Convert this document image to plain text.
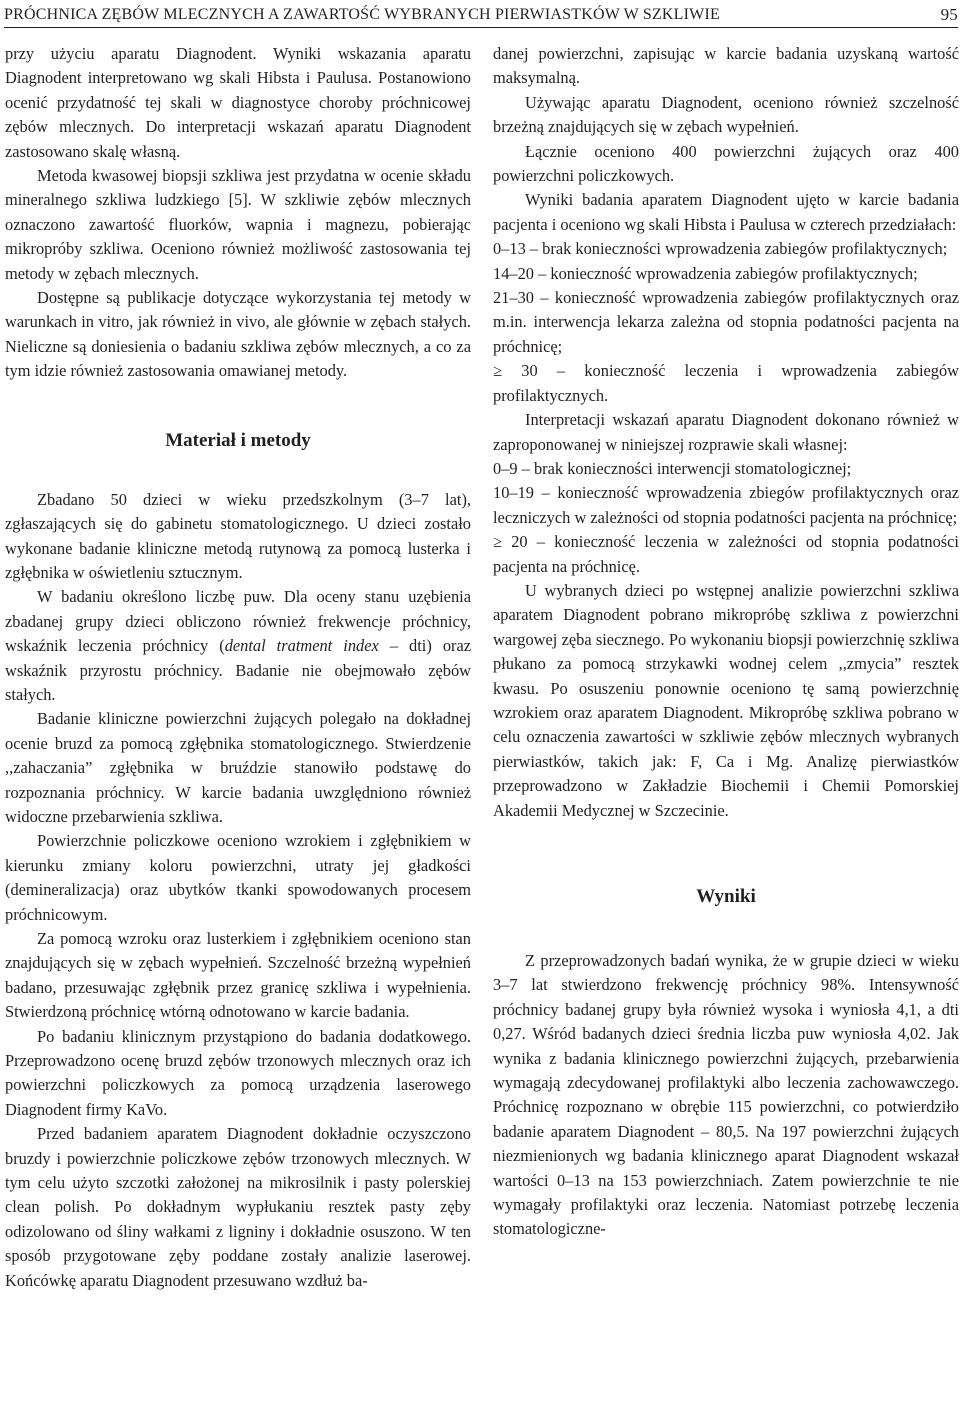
PRÓCHNICA ZĘBÓW MLECZNYCH A ZAWARTOŚĆ WYBRANYCH PIERWIASTKÓW W SZKLIWIE	95

przy użyciu aparatu Diagnodent. Wyniki wskazania aparatu Diagnodent interpretowano wg skali Hibsta i Paulusa. Postanowiono ocenić przydatność tej skali w diagnostyce choroby próchnicowej zębów mlecznych. Do interpretacji wskazań aparatu Diagnodent zastosowano skalę własną.

Metoda kwasowej biopsji szkliwa jest przydatna w ocenie składu mineralnego szkliwa ludzkiego [5]. W szkliwie zębów mlecznych oznaczono zawartość fluorków, wapnia i magnezu, pobierając mikropróby szkliwa. Oceniono również możliwość zastosowania tej metody w zębach mlecznych.

Dostępne są publikacje dotyczące wykorzystania tej metody w warunkach in vitro, jak również in vivo, ale głównie w zębach stałych. Nieliczne są doniesienia o badaniu szkliwa zębów mlecznych, a co za tym idzie również zastosowania omawianej metody.

Materiał i metody

Zbadano 50 dzieci w wieku przedszkolnym (3–7 lat), zgłaszających się do gabinetu stomatologicznego. U dzieci zostało wykonane badanie kliniczne metodą rutynową za pomocą lusterka i zgłębnika w oświetleniu sztucznym.

W badaniu określono liczbę puw. Dla oceny stanu uzębienia zbadanej grupy dzieci obliczono również frekwencje próchnicy, wskaźnik leczenia próchnicy (dental tratment index – dti) oraz wskaźnik przyrostu próchnicy. Badanie nie obejmowało zębów stałych.

Badanie kliniczne powierzchni żujących polegało na dokładnej ocenie bruzd za pomocą zgłębnika stomatologicznego. Stwierdzenie ,,zahaczania” zgłębnika w bruździe stanowiło podstawę do rozpoznania próchnicy. W karcie badania uwzględniono również widoczne przebarwienia szkliwa.

Powierzchnie policzkowe oceniono wzrokiem i zgłębnikiem w kierunku zmiany koloru powierzchni, utraty jej gładkości (demineralizacja) oraz ubytków tkanki spowodowanych procesem próchnicowym.

Za pomocą wzroku oraz lusterkiem i zgłębnikiem oceniono stan znajdujących się w zębach wypełnień. Szczelność brzeżną wypełnień badano, przesuwając zgłębnik przez granicę szkliwa i wypełnienia. Stwierdzoną próchnicę wtórną odnotowano w karcie badania.

Po badaniu klinicznym przystąpiono do badania dodatkowego. Przeprowadzono ocenę bruzd zębów trzonowych mlecznych oraz ich powierzchni policzkowych za pomocą urządzenia laserowego Diagnodent firmy KaVo.

Przed badaniem aparatem Diagnodent dokładnie oczyszczono bruzdy i powierzchnie policzkowe zębów trzonowych mlecznych. W tym celu użyto szczotki założonej na mikrosilnik i pasty polerskiej clean polish. Po dokładnym wypłukaniu resztek pasty zęby odizolowano od śliny wałkami z ligniny i dokładnie osuszono. W ten sposób przygotowane zęby poddane zostały analizie laserowej. Końcówkę aparatu Diagnodent przesuwano wzdłuż ba-

danej powierzchni, zapisując w karcie badania uzyskaną wartość maksymalną.

Używając aparatu Diagnodent, oceniono również szczelność brzeżną znajdujących się w zębach wypełnień.

Łącznie oceniono 400 powierzchni żujących oraz 400 powierzchni policzkowych.

Wyniki badania aparatem Diagnodent ujęto w karcie badania pacjenta i oceniono wg skali Hibsta i Paulusa w czterech przedziałach:

0–13 – brak konieczności wprowadzenia zabiegów profilaktycznych;

14–20 – konieczność wprowadzenia zabiegów profilaktycznych;

21–30 – konieczność wprowadzenia zabiegów profilaktycznych oraz m.in. interwencja lekarza zależna od stopnia podatności pacjenta na próchnicę;

≥ 30 – konieczność leczenia i wprowadzenia zabiegów profilaktycznych.

Interpretacji wskazań aparatu Diagnodent dokonano również w zaproponowanej w niniejszej rozprawie skali własnej:

0–9 – brak konieczności interwencji stomatologicznej;

10–19 – konieczność wprowadzenia zbiegów profilaktycznych oraz leczniczych w zależności od stopnia podatności pacjenta na próchnicę;

≥ 20 – konieczność leczenia w zależności od stopnia podatności pacjenta na próchnicę.

U wybranych dzieci po wstępnej analizie powierzchni szkliwa aparatem Diagnodent pobrano mikropróbę szkliwa z powierzchni wargowej zęba siecznego. Po wykonaniu biopsji powierzchnię szkliwa płukano za pomocą strzykawki wodnej celem ,,zmycia” resztek kwasu. Po osuszeniu ponownie oceniono tę samą powierzchnię wzrokiem oraz aparatem Diagnodent. Mikropróbę szkliwa pobrano w celu oznaczenia zawartości w szkliwie zębów mlecznych wybranych pierwiastków, takich jak: F, Ca i Mg. Analizę pierwiastków przeprowadzono w Zakładzie Biochemii i Chemii Pomorskiej Akademii Medycznej w Szczecinie.

Wyniki

Z przeprowadzonych badań wynika, że w grupie dzieci w wieku 3–7 lat stwierdzono frekwencję próchnicy 98%. Intensywność próchnicy badanej grupy była również wysoka i wyniosła 4,1, a dti 0,27. Wśród badanych dzieci średnia liczba puw wyniosła 4,02. Jak wynika z badania klinicznego powierzchni żujących, przebarwienia wymagają zdecydowanej profilaktyki albo leczenia zachowawczego. Próchnicę rozpoznano w obrębie 115 powierzchni, co potwierdziło badanie aparatem Diagnodent – 80,5. Na 197 powierzchni żujących niezmienionych wg badania klinicznego aparat Diagnodent wskazał wartości 0–13 na 153 powierzchniach. Zatem powierzchnie te nie wymagały profilaktyki oraz leczenia. Natomiast potrzebę leczenia stomatologiczne-
